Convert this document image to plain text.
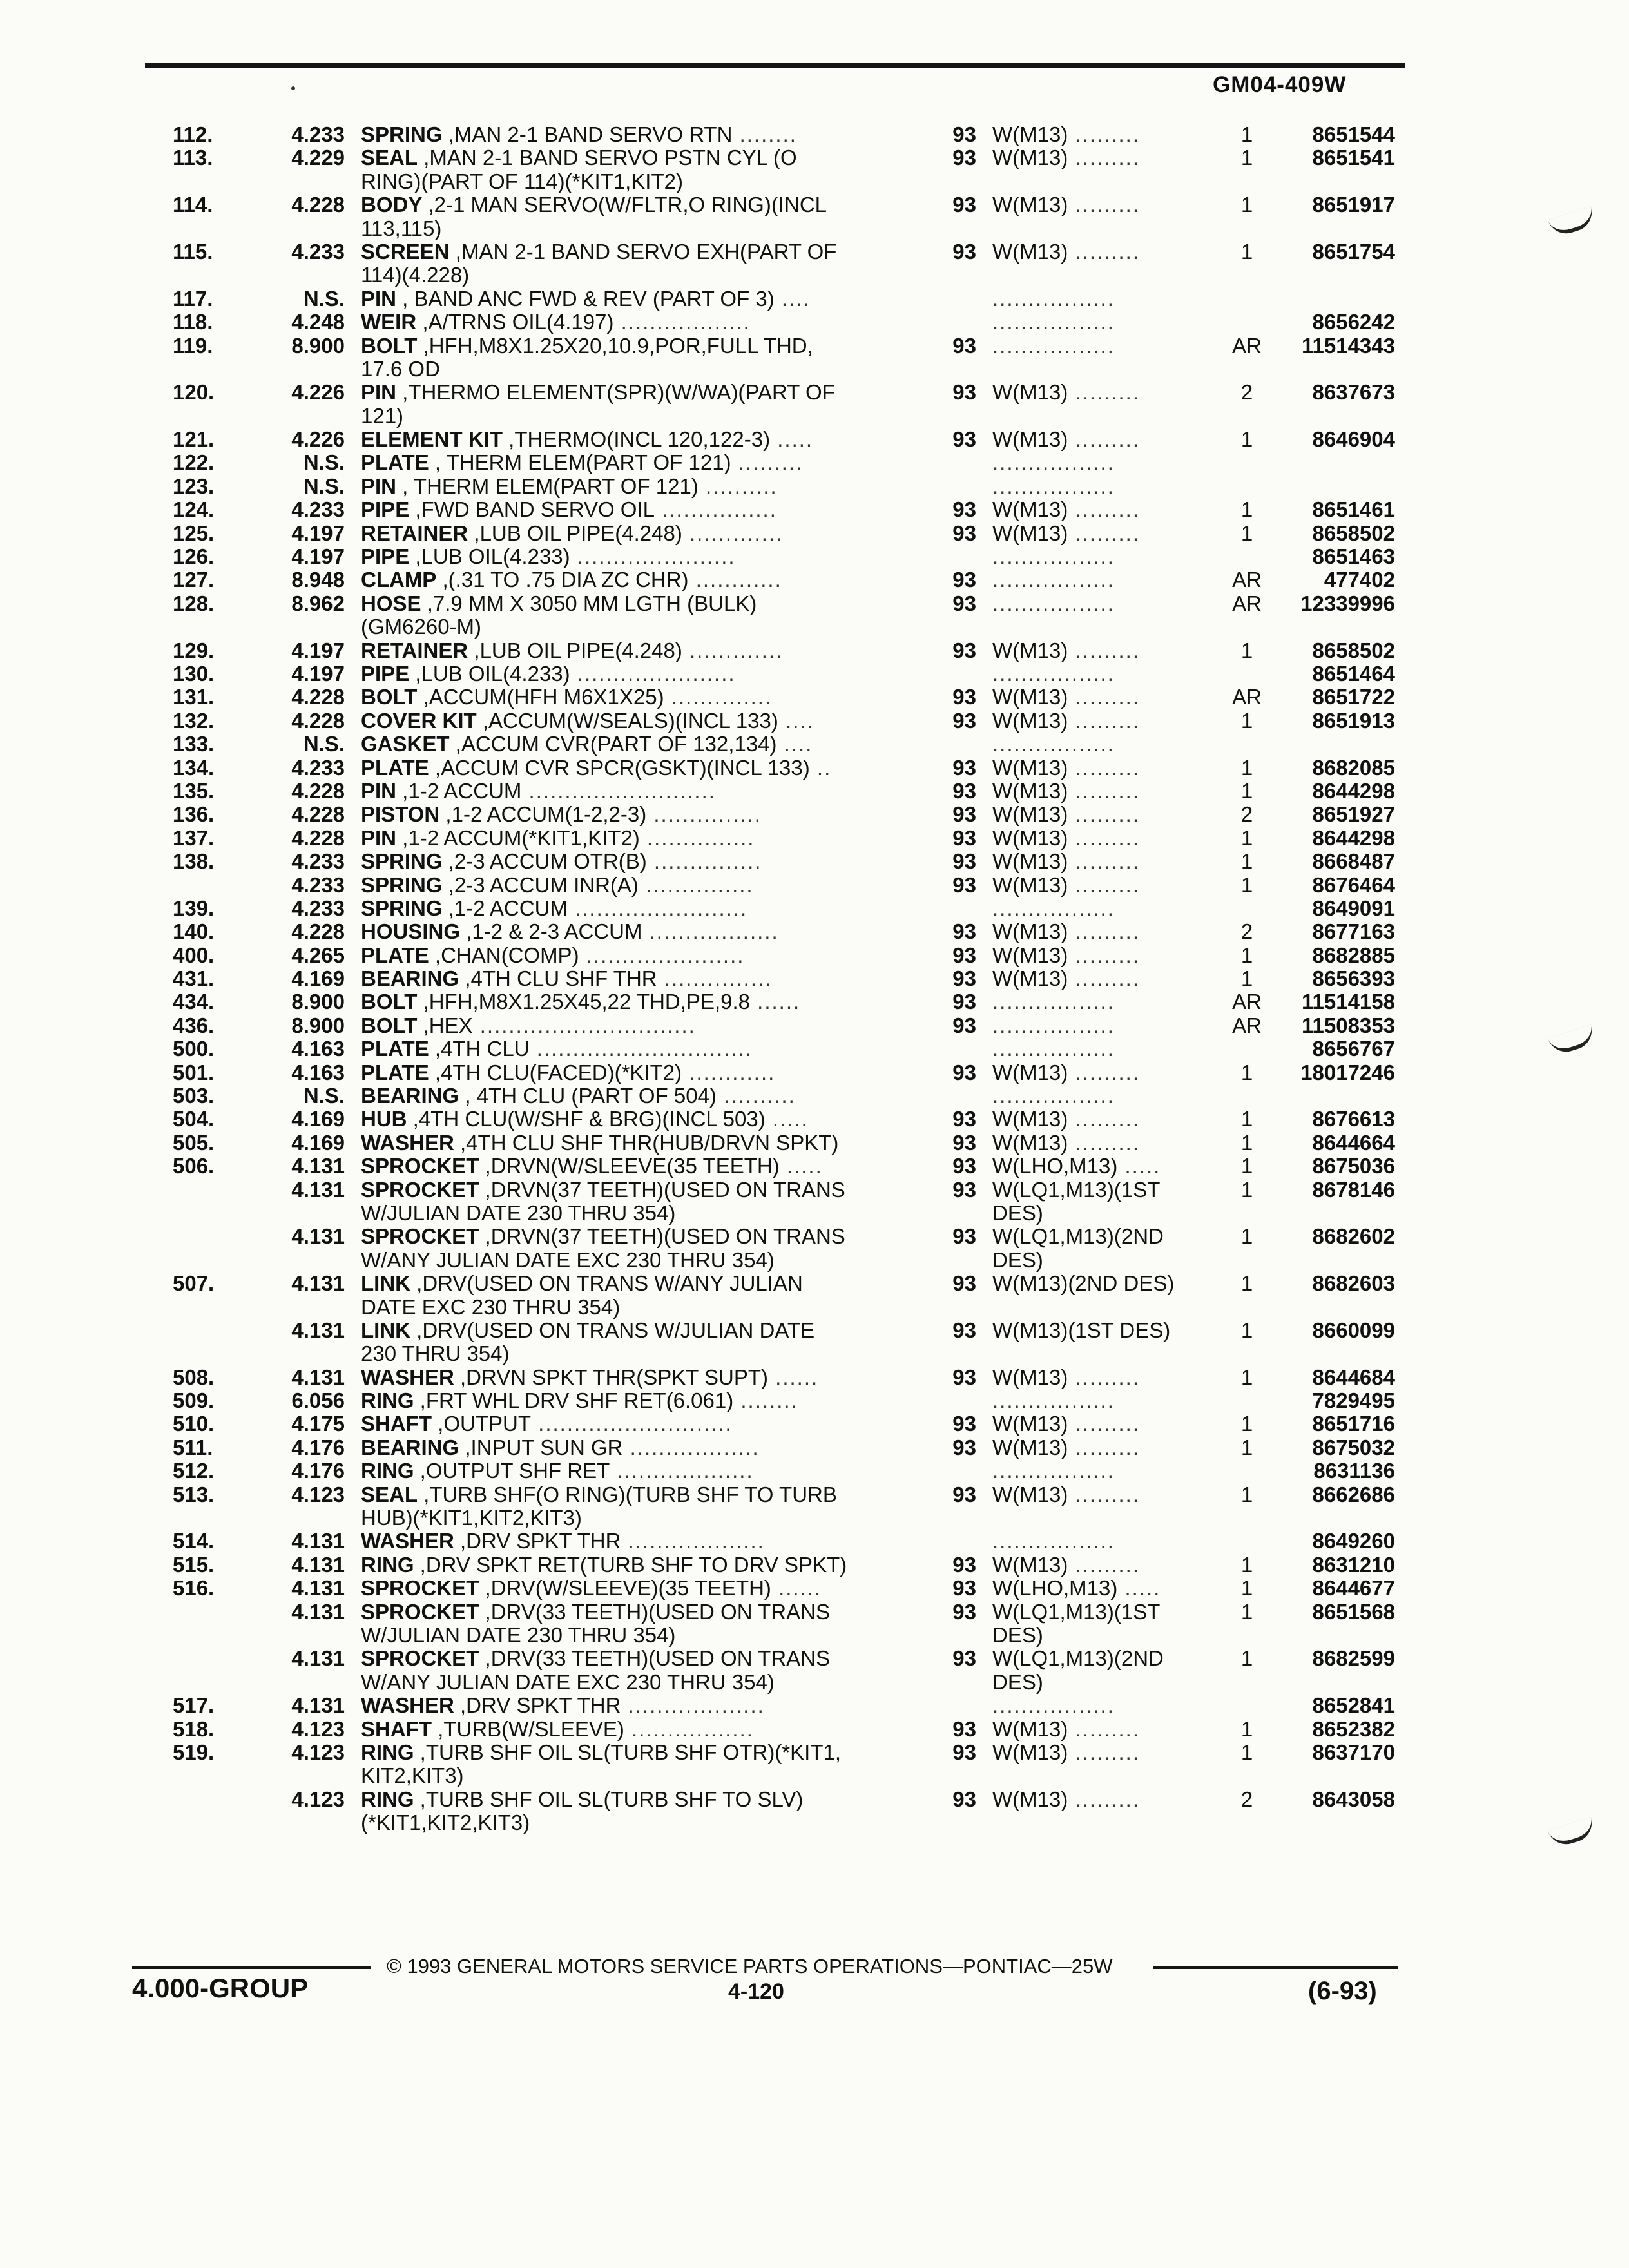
GM04-409W
112.	4.233 SPRING ,MAN 2-1 BAND SERVO RTN ........	93 W(M13) .........	1	8651544
113.	4.229 SEAL ,MAN 2-1 BAND SERVO PSTN CYL (O	93 W(M13) .........	1	8651541
RING)(PART OF 114)(*KIT1,KIT2)
114.	4.228 BODY ,2-1 MAN SERVO(W/FLTR,O RING)(INCL	93 W(M13) .........	1	8651917
113,115)
115.	4.233 SCREEN ,MAN 2-1 BAND SERVO EXH(PART OF	93 W(M13) .........	1	8651754
114)(4.228)
117.	N.S. PIN , BAND ANC FWD & REV (PART OF 3) ....	.................
118.	4.248 WEIR ,A/TRNS OIL(4.197) ..................	.................	8656242
119.	8.900 BOLT ,HFH,M8X1.25X20,10.9,POR,FULL THD,	93 .................	AR	11514343
17.6 OD
120.	4.226 PIN ,THERMO ELEMENT(SPR)(W/WA)(PART OF	93 W(M13) .........	2	8637673
121)
121.	4.226 ELEMENT KIT ,THERMO(INCL 120,122-3) .....	93 W(M13) .........	1	8646904
122.	N.S. PLATE , THERM ELEM(PART OF 121) .........	.................
123.	N.S. PIN , THERM ELEM(PART OF 121) ..........	.................
124.	4.233 PIPE ,FWD BAND SERVO OIL ................	93 W(M13) .........	1	8651461
125.	4.197 RETAINER ,LUB OIL PIPE(4.248) .............	93 W(M13) .........	1	8658502
126.	4.197 PIPE ,LUB OIL(4.233) ......................	.................	8651463
127.	8.948 CLAMP ,(.31 TO .75 DIA ZC CHR) ............	93 .................	AR	477402
128.	8.962 HOSE ,7.9 MM X 3050 MM LGTH (BULK)	93 .................	AR	12339996
(GM6260-M)
129.	4.197 RETAINER ,LUB OIL PIPE(4.248) .............	93 W(M13) .........	1	8658502
130.	4.197 PIPE ,LUB OIL(4.233) ......................	.................	8651464
131.	4.228 BOLT ,ACCUM(HFH M6X1X25) ..............	93 W(M13) .........	AR	8651722
132.	4.228 COVER KIT ,ACCUM(W/SEALS)(INCL 133) ....	93 W(M13) .........	1	8651913
133.	N.S. GASKET ,ACCUM CVR(PART OF 132,134) ....	.................
134.	4.233 PLATE ,ACCUM CVR SPCR(GSKT)(INCL 133) ..	93 W(M13) .........	1	8682085
135.	4.228 PIN ,1-2 ACCUM ..........................	93 W(M13) .........	1	8644298
136.	4.228 PISTON ,1-2 ACCUM(1-2,2-3) ...............	93 W(M13) .........	2	8651927
137.	4.228 PIN ,1-2 ACCUM(*KIT1,KIT2) ...............	93 W(M13) .........	1	8644298
138.	4.233 SPRING ,2-3 ACCUM OTR(B) ...............	93 W(M13) .........	1	8668487
4.233 SPRING ,2-3 ACCUM INR(A) ...............	93 W(M13) .........	1	8676464
139.	4.233 SPRING ,1-2 ACCUM ........................	.................	8649091
140.	4.228 HOUSING ,1-2 & 2-3 ACCUM ..................	93 W(M13) .........	2	8677163
400.	4.265 PLATE ,CHAN(COMP) ......................	93 W(M13) .........	1	8682885
431.	4.169 BEARING ,4TH CLU SHF THR ...............	93 W(M13) .........	1	8656393
434.	8.900 BOLT ,HFH,M8X1.25X45,22 THD,PE,9.8 ......	93 .................	AR	11514158
436.	8.900 BOLT ,HEX ..............................	93 .................	AR	11508353
500.	4.163 PLATE ,4TH CLU ..............................	.................	8656767
501.	4.163 PLATE ,4TH CLU(FACED)(*KIT2) ............	93 W(M13) .........	1	18017246
503.	N.S. BEARING , 4TH CLU (PART OF 504) ..........	.................
504.	4.169 HUB ,4TH CLU(W/SHF & BRG)(INCL 503) .....	93 W(M13) .........	1	8676613
505.	4.169 WASHER ,4TH CLU SHF THR(HUB/DRVN SPKT)	93 W(M13) .........	1	8644664
506.	4.131 SPROCKET ,DRVN(W/SLEEVE(35 TEETH) .....	93 W(LHO,M13) .....	1	8675036
4.131 SPROCKET ,DRVN(37 TEETH)(USED ON TRANS	93 W(LQ1,M13)(1ST	1	8678146
W/JULIAN DATE 230 THRU 354)	DES)
4.131 SPROCKET ,DRVN(37 TEETH)(USED ON TRANS	93 W(LQ1,M13)(2ND	1	8682602
W/ANY JULIAN DATE EXC 230 THRU 354)	DES)
507.	4.131 LINK ,DRV(USED ON TRANS W/ANY JULIAN	93 W(M13)(2ND DES)	1	8682603
DATE EXC 230 THRU 354)
4.131 LINK ,DRV(USED ON TRANS W/JULIAN DATE	93 W(M13)(1ST DES)	1	8660099
230 THRU 354)
508.	4.131 WASHER ,DRVN SPKT THR(SPKT SUPT) ......	93 W(M13) .........	1	8644684
509.	6.056 RING ,FRT WHL DRV SHF RET(6.061) ........	.................	7829495
510.	4.175 SHAFT ,OUTPUT ...........................	93 W(M13) .........	1	8651716
511.	4.176 BEARING ,INPUT SUN GR ..................	93 W(M13) .........	1	8675032
512.	4.176 RING ,OUTPUT SHF RET ...................	.................	8631136
513.	4.123 SEAL ,TURB SHF(O RING)(TURB SHF TO TURB	93 W(M13) .........	1	8662686
HUB)(*KIT1,KIT2,KIT3)
514.	4.131 WASHER ,DRV SPKT THR ...................	.................	8649260
515.	4.131 RING ,DRV SPKT RET(TURB SHF TO DRV SPKT)	93 W(M13) .........	1	8631210
516.	4.131 SPROCKET ,DRV(W/SLEEVE)(35 TEETH) ......	93 W(LHO,M13) .....	1	8644677
4.131 SPROCKET ,DRV(33 TEETH)(USED ON TRANS	93 W(LQ1,M13)(1ST	1	8651568
W/JULIAN DATE 230 THRU 354)	DES)
4.131 SPROCKET ,DRV(33 TEETH)(USED ON TRANS	93 W(LQ1,M13)(2ND	1	8682599
W/ANY JULIAN DATE EXC 230 THRU 354)	DES)
517.	4.131 WASHER ,DRV SPKT THR ...................	.................	8652841
518.	4.123 SHAFT ,TURB(W/SLEEVE) .................	93 W(M13) .........	1	8652382
519.	4.123 RING ,TURB SHF OIL SL(TURB SHF OTR)(*KIT1,	93 W(M13) .........	1	8637170
KIT2,KIT3)
4.123 RING ,TURB SHF OIL SL(TURB SHF TO SLV)	93 W(M13) .........	2	8643058
(*KIT1,KIT2,KIT3)
© 1993 GENERAL MOTORS SERVICE PARTS OPERATIONS—PONTIAC—25W
4.000-GROUP	4-120	(6-93)
